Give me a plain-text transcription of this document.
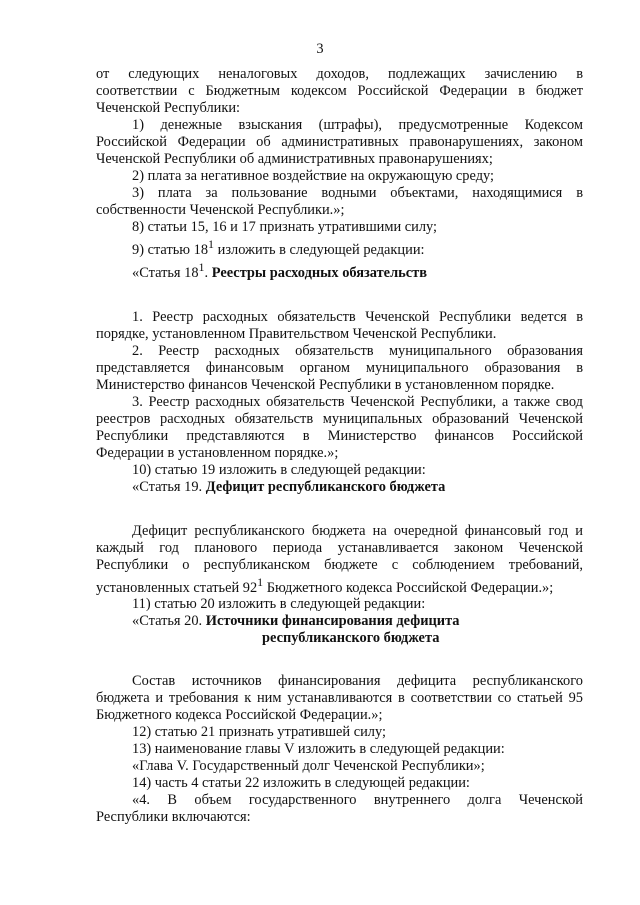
3

от следующих неналоговых доходов, подлежащих зачислению в

соответствии с Бюджетным кодексом Российской Федерации в бюджет

Чеченской Республики:

1) денежные взыскания (штрафы), предусмотренные Кодексом

Российской Федерации об административных правонарушениях, законом

Чеченской Республики об административных правонарушениях;

2) плата за негативное воздействие на окружающую среду;

3) плата за пользование водными объектами, находящимися в

собственности Чеченской Республики.»;

8) статьи 15, 16 и 17 признать утратившими силу;

9) статью $18^1$ изложить в следующей редакции:

«Статья $18^1$. Реестры расходных обязательств

1. Реестр расходных обязательств Чеченской Республики ведется в

порядке, установленном Правительством Чеченской Республики.

2. Реестр расходных обязательств муниципального образования

представляется финансовым органом муниципального образования в

Министерство финансов Чеченской Республики в установленном порядке.

3. Реестр расходных обязательств Чеченской Республики, а также свод

реестров расходных обязательств муниципальных образований Чеченской

Республики представляются в Министерство финансов Российской

Федерации в установленном порядке.»;

10) статью 19 изложить в следующей редакции:

«Статья 19. Дефицит республиканского бюджета

Дефицит республиканского бюджета на очередной финансовый год и

каждый год планового периода устанавливается законом Чеченской

Республики о республиканском бюджете с соблюдением требований,

установленных статьей $92^1$ Бюджетного кодекса Российской Федерации.»;

11) статью 20 изложить в следующей редакции:

«Статья 20. Источники финансирования дефицита

республиканского бюджета

Состав источников финансирования дефицита республиканского

бюджета и требования к ним устанавливаются в соответствии со статьей 95

Бюджетного кодекса Российской Федерации.»;

12) статью 21 признать утратившей силу;

13) наименование главы V изложить в следующей редакции:

«Глава V. Государственный долг Чеченской Республики»;

14) часть 4 статьи 22 изложить в следующей редакции:

«4. В объем государственного внутреннего долга Чеченской

Республики включаются:
